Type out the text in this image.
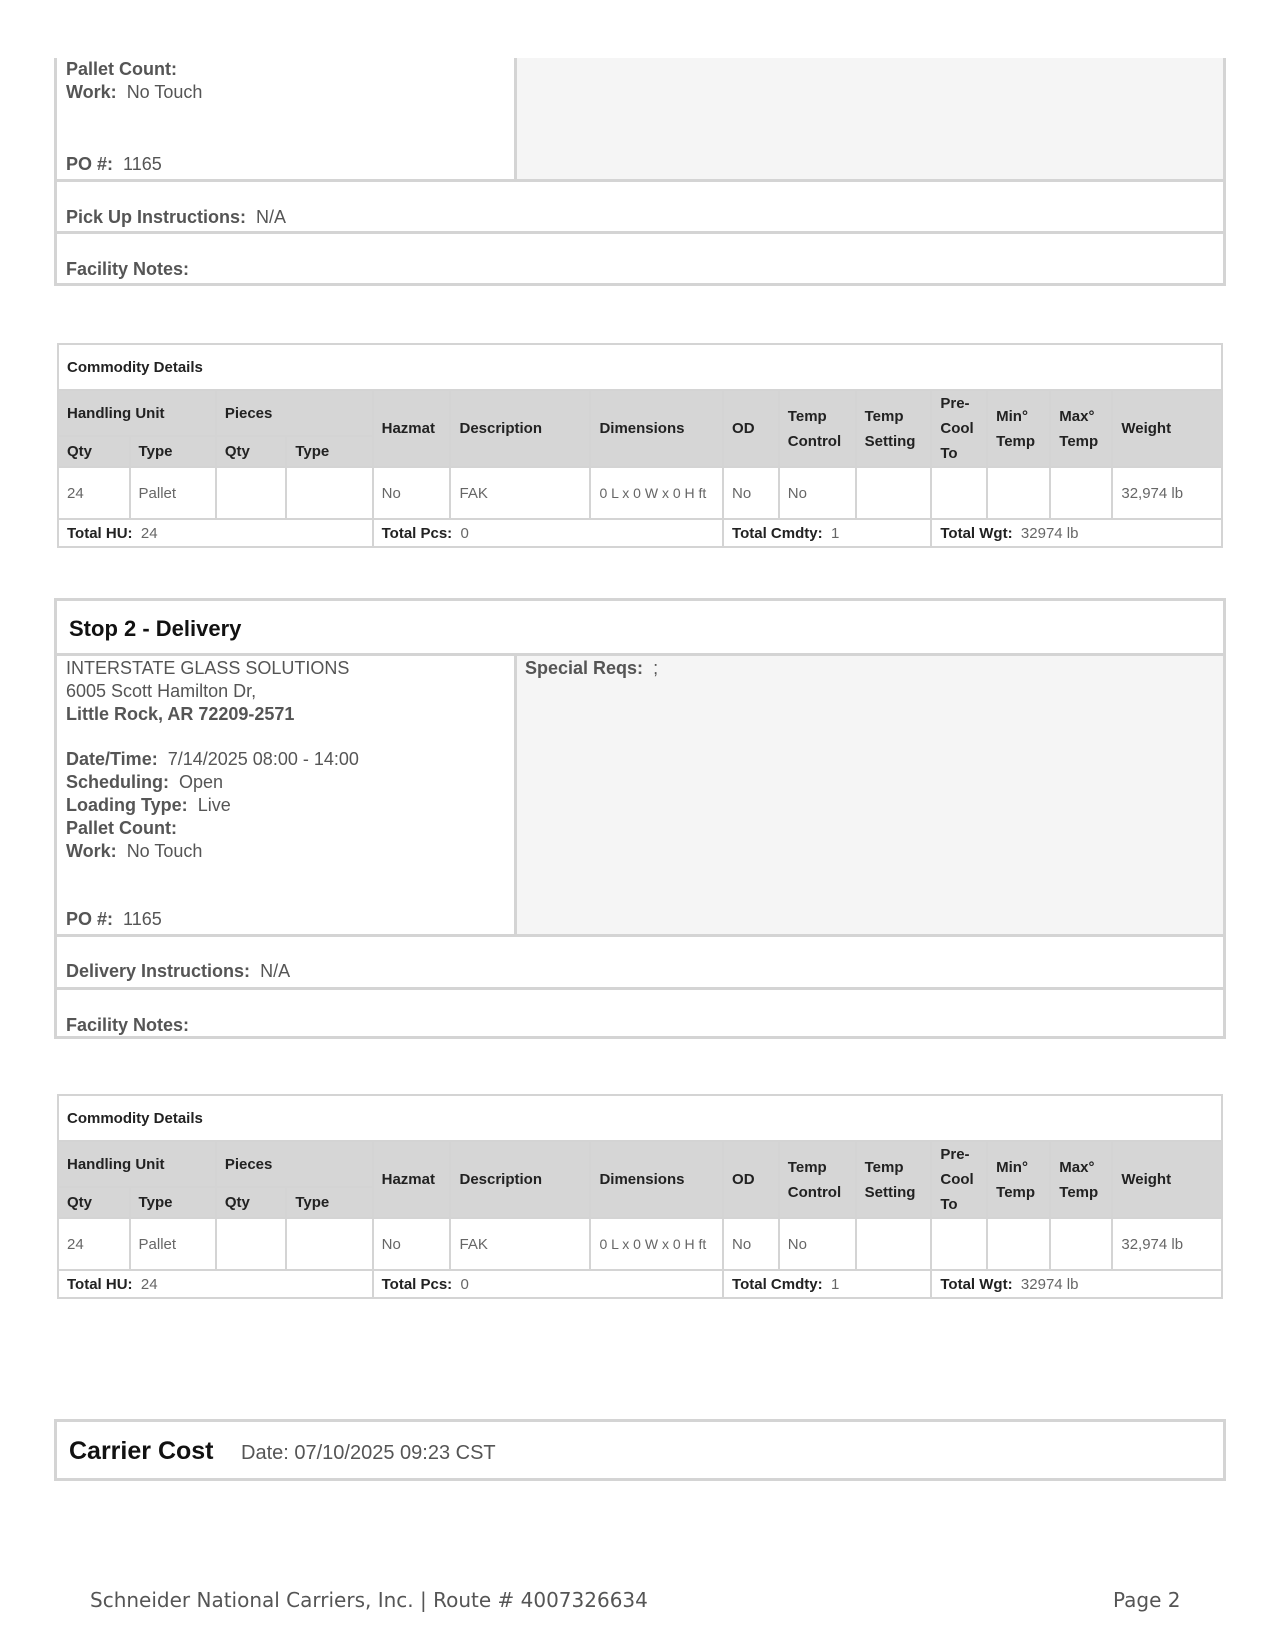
Pallet Count:
Work: No Touch
PO #: 1165
Pick Up Instructions: N/A
Facility Notes:
Commodity Details													
Handling Unit		Pieces		Hazmat	Description	Dimensions	OD	Temp Control	Temp Setting	Pre-Cool To	Min° Temp	Max° Temp	Weight
Qty	Type	Qty	Type										
24	Pallet			No	FAK	0 L x 0 W x 0 H ft	No	No					32,974 lb
Total HU: 24				Total Pcs: 0			Total Cmdty: 1			Total Wgt: 32974 lb			
Stop 2 - Delivery
INTERSTATE GLASS SOLUTIONS
6005 Scott Hamilton Dr,
Little Rock, AR 72209-2571
Date/Time: 7/14/2025 08:00 - 14:00
Scheduling: Open
Loading Type: Live
Pallet Count:
Work: No Touch
PO #: 1165
Special Reqs: ;
Delivery Instructions: N/A
Facility Notes:
Commodity Details													
Handling Unit		Pieces		Hazmat	Description	Dimensions	OD	Temp Control	Temp Setting	Pre-Cool To	Min° Temp	Max° Temp	Weight
Qty	Type	Qty	Type										
24	Pallet			No	FAK	0 L x 0 W x 0 H ft	No	No					32,974 lb
Total HU: 24				Total Pcs: 0			Total Cmdty: 1			Total Wgt: 32974 lb			
Carrier Cost Date: 07/10/2025 09:23 CST
Schneider National Carriers, Inc. | Route # 4007326634	Page 2
